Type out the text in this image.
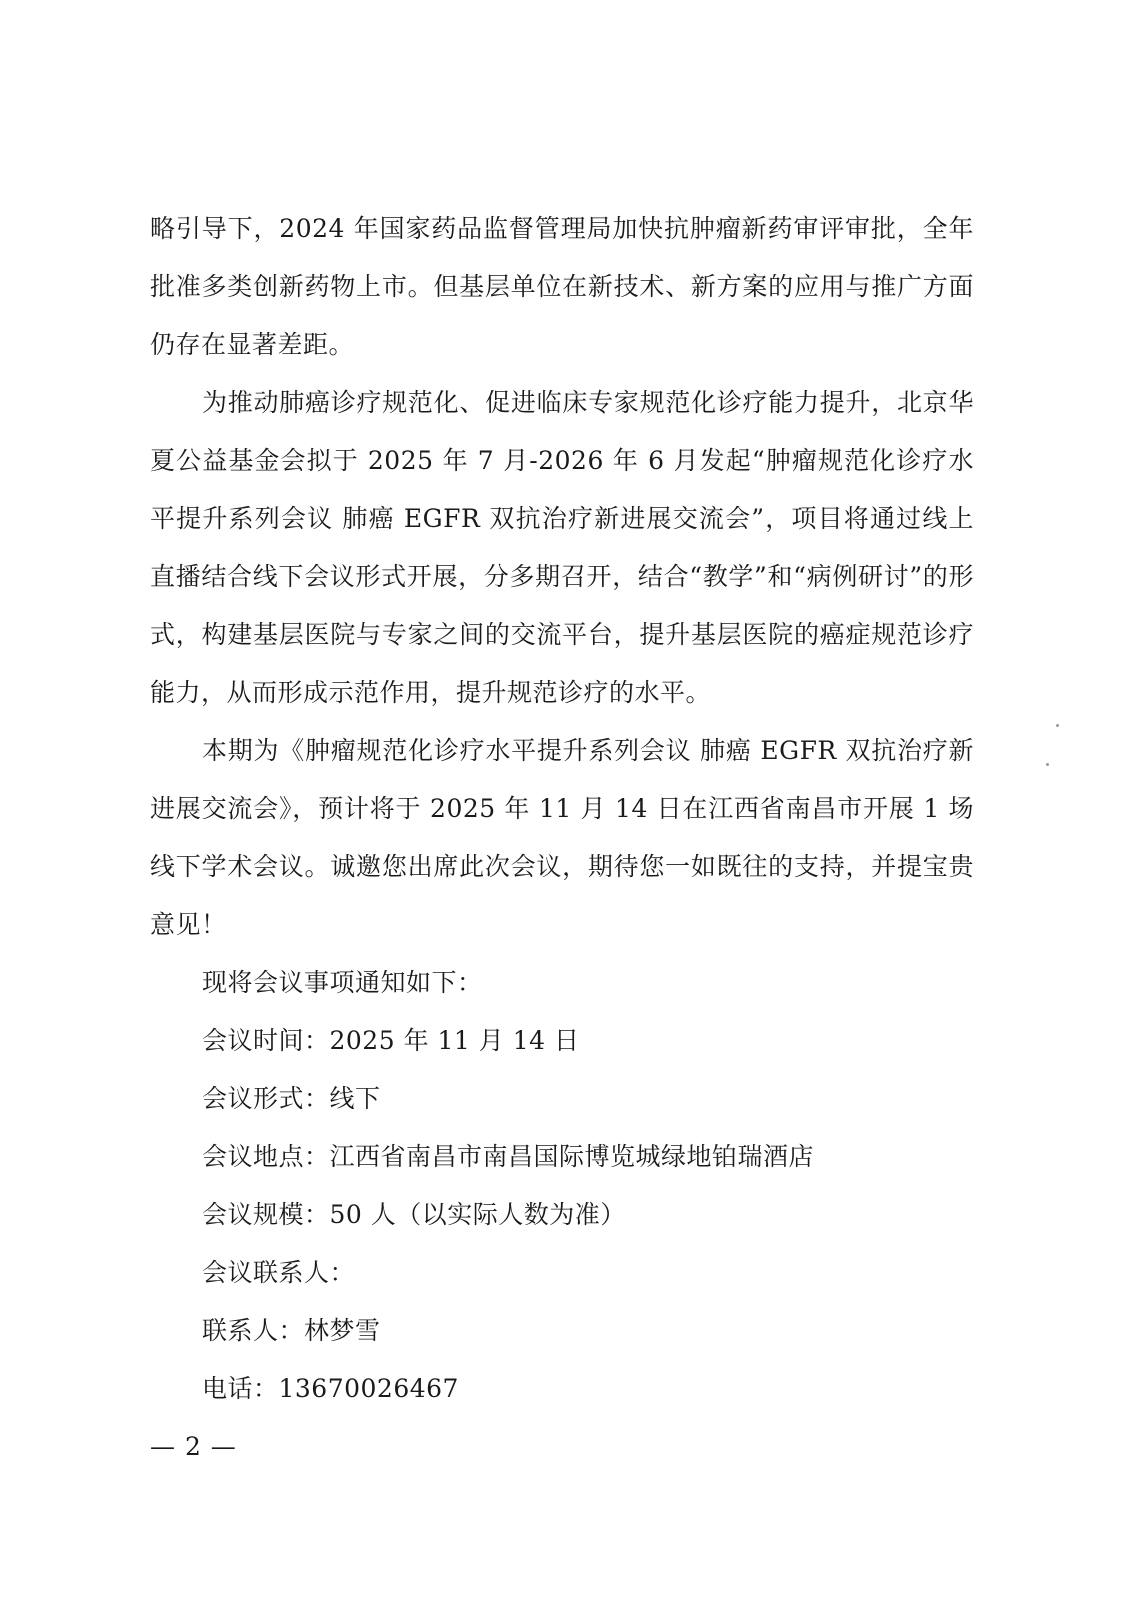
略引导下，2024 年国家药品监督管理局加快抗肿瘤新药审评审批，全年批准多类创新药物上市。但基层单位在新技术、新方案的应用与推广方面仍存在显著差距。

为推动肺癌诊疗规范化、促进临床专家规范化诊疗能力提升，北京华夏公益基金会拟于 2025 年 7 月-2026 年 6 月发起“肿瘤规范化诊疗水平提升系列会议 肺癌 EGFR 双抗治疗新进展交流会”，项目将通过线上直播结合线下会议形式开展，分多期召开，结合“教学”和“病例研讨”的形式，构建基层医院与专家之间的交流平台，提升基层医院的癌症规范诊疗能力，从而形成示范作用，提升规范诊疗的水平。

本期为《肿瘤规范化诊疗水平提升系列会议 肺癌 EGFR 双抗治疗新进展交流会》，预计将于 2025 年 11 月 14 日在江西省南昌市开展 1 场线下学术会议。诚邀您出席此次会议，期待您一如既往的支持，并提宝贵意见！

现将会议事项通知如下：

会议时间：2025 年 11 月 14 日

会议形式：线下

会议地点：江西省南昌市南昌国际博览城绿地铂瑞酒店

会议规模：50 人（以实际人数为准）

会议联系人：

联系人：林梦雪

电话：13670026467

— 2 —
